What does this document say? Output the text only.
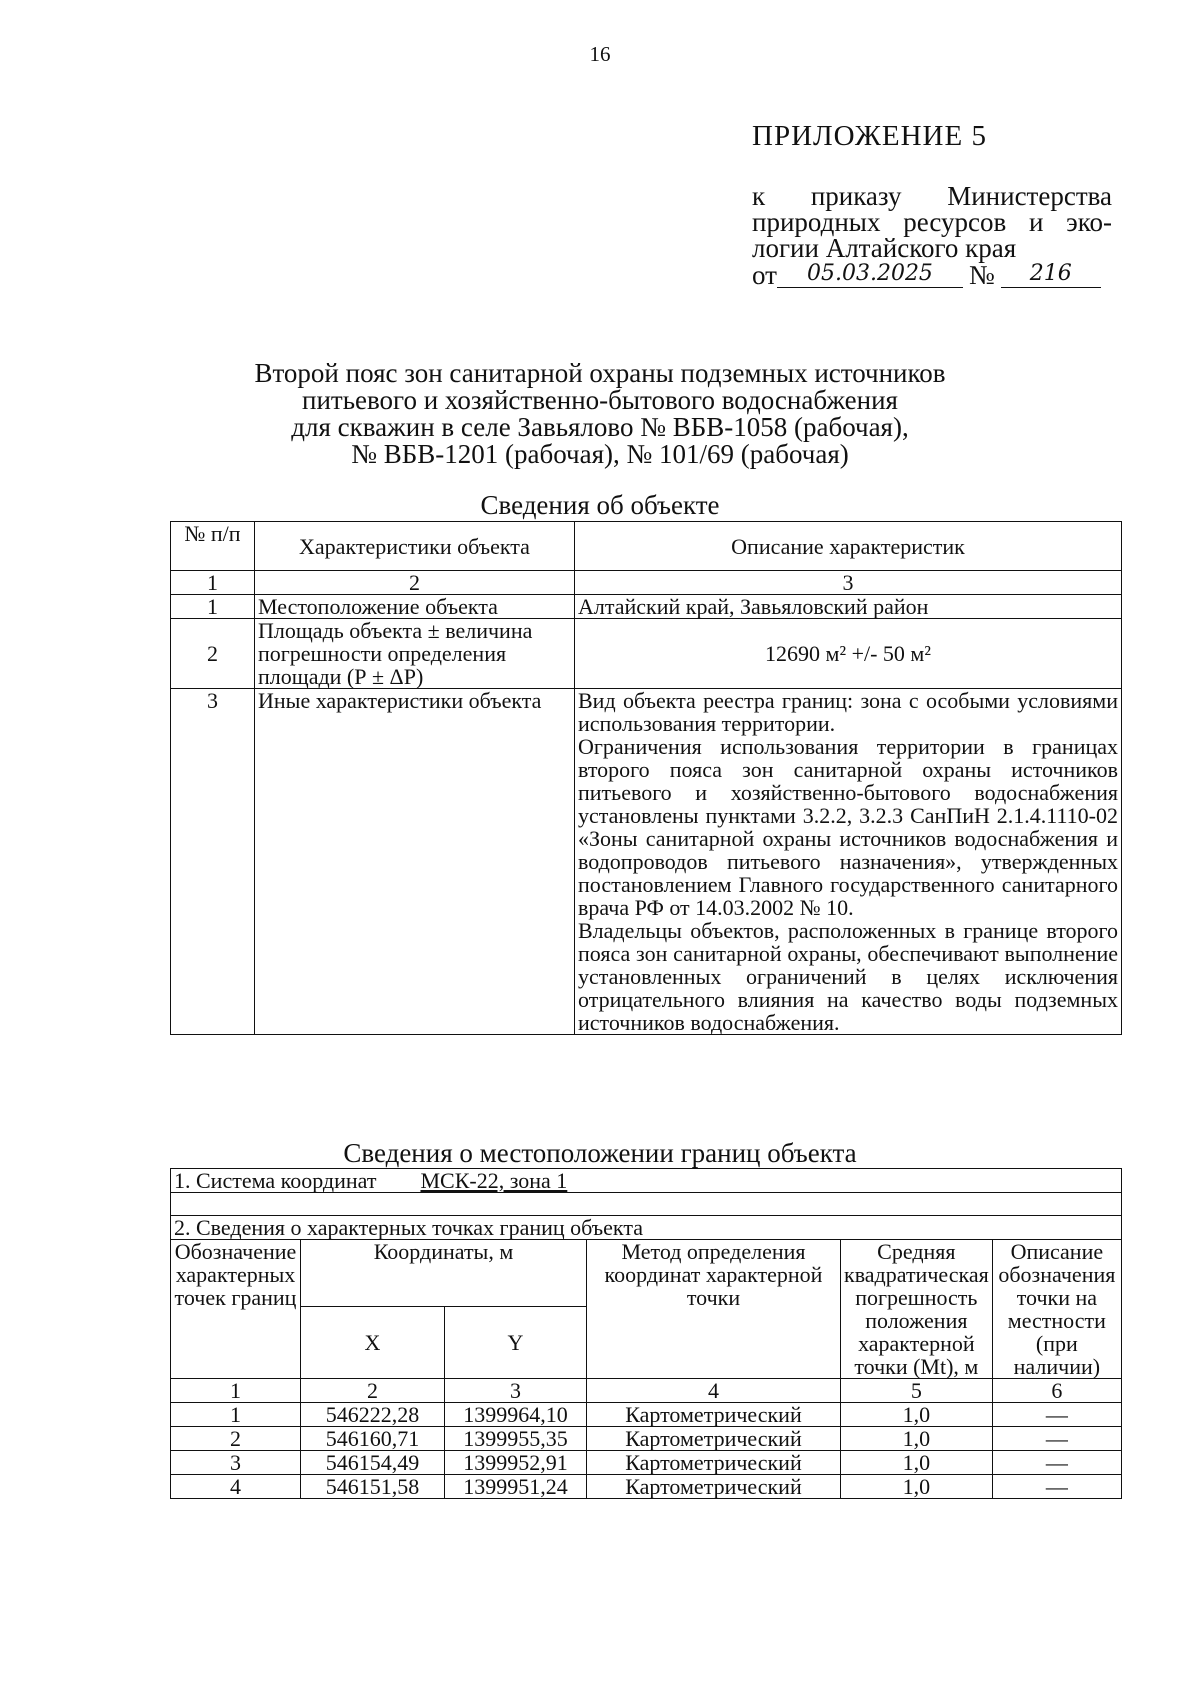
16
ПРИЛОЖЕНИЕ 5
к приказу Министерства
природных ресурсов и эко-
логии Алтайского края
от	05.03.2025	№	216
Второй пояс зон санитарной охраны подземных источников
питьевого и хозяйственно-бытового водоснабжения
для скважин в селе Завьялово № ВБВ-1058 (рабочая),
№ ВБВ-1201 (рабочая), № 101/69 (рабочая)
Сведения об объекте
№ п/п	Характеристики объекта	Описание характеристик
1	2	3
1	Местоположение объекта	Алтайский край, Завьяловский район
2	Площадь объекта ± величина погрешности определения площади (Р ± ΔР)	12690 м² +/- 50 м²
3	Иные характеристики объекта	Вид объекта реестра границ: зона с особыми условиями использования территории.
Ограничения использования территории в границах второго пояса зон санитарной охраны источников питьевого и хозяйственно-бытового водоснабжения установлены пунктами 3.2.2, 3.2.3 СанПиН 2.1.4.1110-02 «Зоны санитарной охраны источников водоснабжения и водопроводов питьевого назначения», утвержденных постановлением Главного государственного санитарного врача РФ от 14.03.2002 № 10.
Владельцы объектов, расположенных в границе второго пояса зон санитарной охраны, обеспечивают выполнение установленных ограничений в целях исключения отрицательного влияния на качество воды подземных источников водоснабжения.
Сведения о местоположении границ объекта
1. Система координат МСК-22, зона 1					

2. Сведения о характерных точках границ объекта					
Обозначение характерных точек границ	Координаты, м		Метод определения координат характерной точки	Средняя квадратическая погрешность положения характерной точки (Mt), м	Описание обозначения точки на местности (при наличии)
	X	Y			
1	2	3	4	5	6
1	546222,28	1399964,10	Картометрический	1,0	—
2	546160,71	1399955,35	Картометрический	1,0	—
3	546154,49	1399952,91	Картометрический	1,0	—
4	546151,58	1399951,24	Картометрический	1,0	—
